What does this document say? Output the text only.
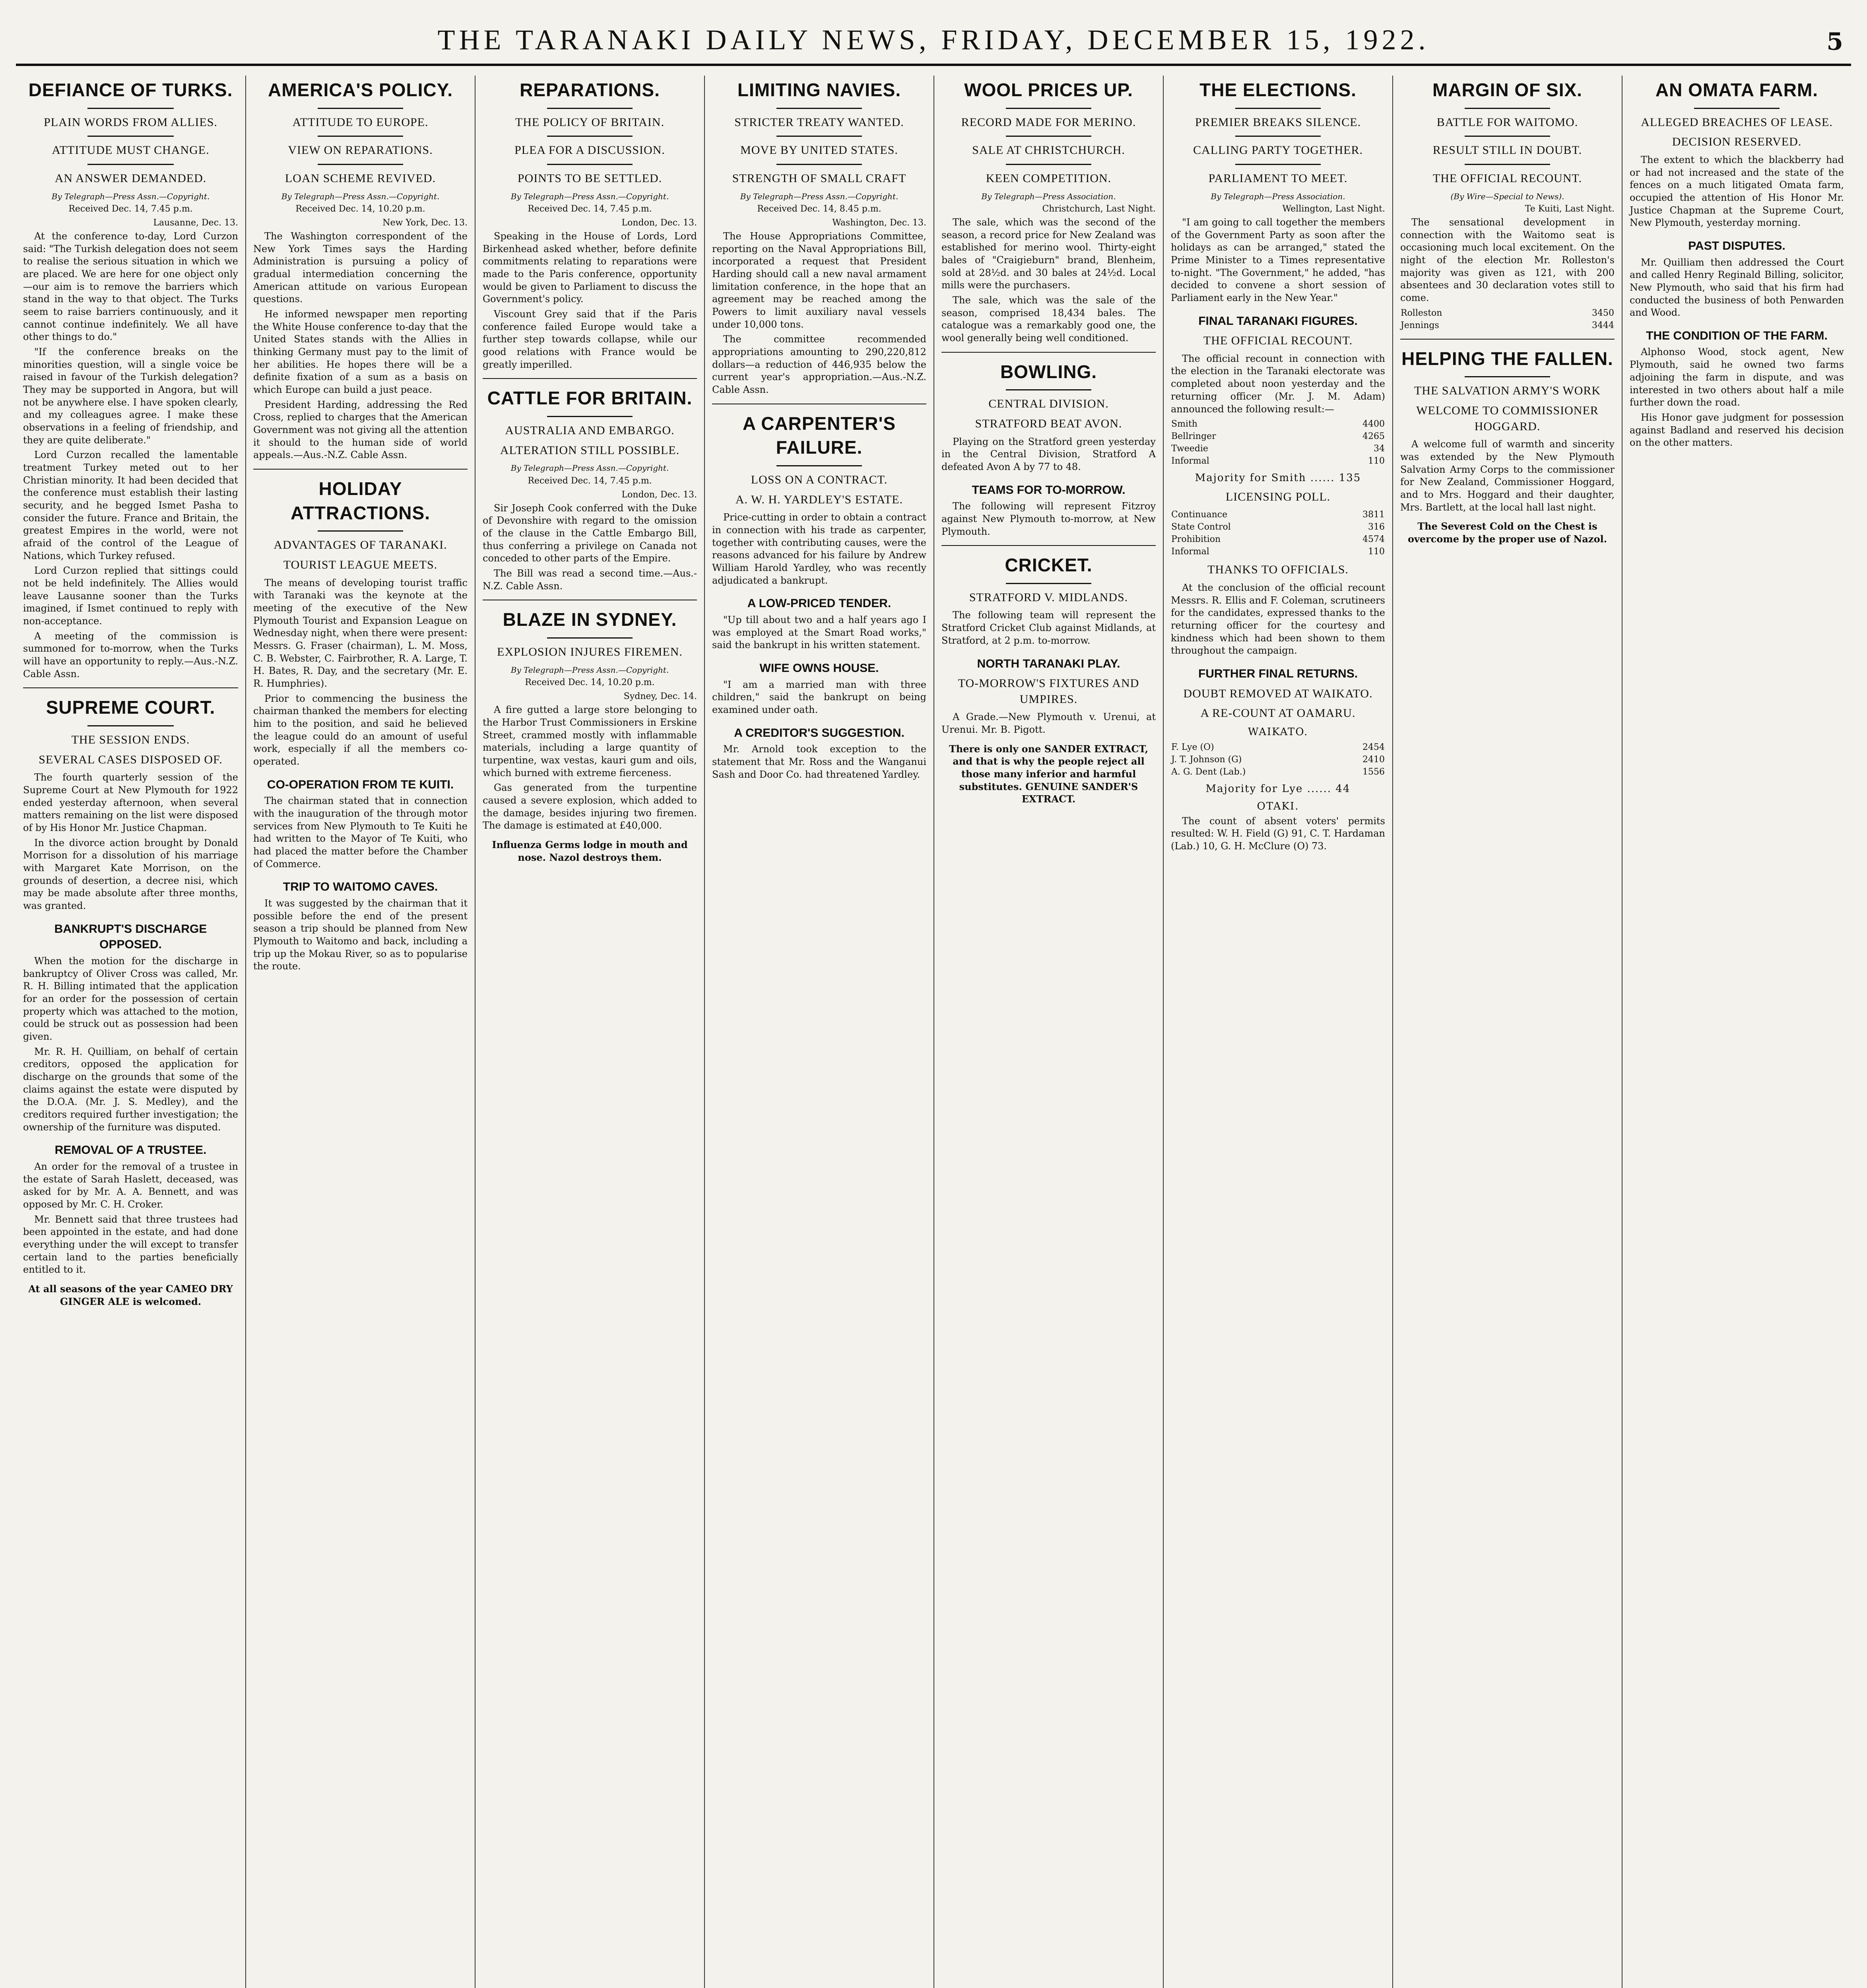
THE TARANAKI DAILY NEWS, FRIDAY, DECEMBER 15, 1922.	5
DEFIANCE OF TURKS.
PLAIN WORDS FROM ALLIES.
ATTITUDE MUST CHANGE.
AN ANSWER DEMANDED.
By Telegraph—Press Assn.—Copyright.
Received Dec. 14, 7.45 p.m.
Lausanne, Dec. 13.

At the conference to-day, Lord Curzon said: "The Turkish delegation does not seem to realise the serious situation in which we are placed. We are here for one object only—our aim is to remove the barriers which stand in the way to that object. The Turks seem to raise barriers continuously, and it cannot continue indefinitely. We all have other things to do."

"If the conference breaks on the minorities question, will a single voice be raised in favour of the Turkish delegation? They may be supported in Angora, but will not be anywhere else. I have spoken clearly, and my colleagues agree. I make these observations in a feeling of friendship, and they are quite deliberate."

Lord Curzon recalled the lamentable treatment Turkey meted out to her Christian minority. It had been decided that the conference must establish their lasting security, and he begged Ismet Pasha to consider the future. France and Britain, the greatest Empires in the world, were not afraid of the control of the League of Nations, which Turkey refused.

Lord Curzon replied that sittings could not be held indefinitely. The Allies would leave Lausanne sooner than the Turks imagined, if Ismet continued to reply with non-acceptance.

A meeting of the commission is summoned for to-morrow, when the Turks will have an opportunity to reply.—Aus.-N.Z. Cable Assn.

SUPREME COURT.
THE SESSION ENDS.
SEVERAL CASES DISPOSED OF.

The fourth quarterly session of the Supreme Court at New Plymouth for 1922 ended yesterday afternoon, when several matters remaining on the list were disposed of by His Honor Mr. Justice Chapman.

In the divorce action brought by Donald Morrison for a dissolution of his marriage with Margaret Kate Morrison, on the grounds of desertion, a decree nisi, which may be made absolute after three months, was granted.

BANKRUPT'S DISCHARGE OPPOSED.

When the motion for the discharge in bankruptcy of Oliver Cross was called, Mr. R. H. Billing intimated that the application for an order for the possession of certain property which was attached to the motion, could be struck out as possession had been given.

Mr. R. H. Quilliam, on behalf of certain creditors, opposed the application for discharge on the grounds that some of the claims against the estate were disputed by the D.O.A. (Mr. J. S. Medley), and the creditors required further investigation; the ownership of the furniture was disputed.

REMOVAL OF A TRUSTEE.

An order for the removal of a trustee in the estate of Sarah Haslett, deceased, was asked for by Mr. A. A. Bennett, and was opposed by Mr. C. H. Croker.

Mr. Bennett said that three trustees had been appointed in the estate, and had done everything under the will except to transfer certain land to the parties beneficially entitled to it.

At all seasons of the year CAMEO DRY GINGER ALE is welcomed.
AMERICA'S POLICY.
ATTITUDE TO EUROPE.
VIEW ON REPARATIONS.
LOAN SCHEME REVIVED.
By Telegraph—Press Assn.—Copyright.
Received Dec. 14, 10.20 p.m.
New York, Dec. 13.

The Washington correspondent of the New York Times says the Harding Administration is pursuing a policy of gradual intermediation concerning the American attitude on various European questions.

He informed newspaper men reporting the White House conference to-day that the United States stands with the Allies in thinking Germany must pay to the limit of her abilities. He hopes there will be a definite fixation of a sum as a basis on which Europe can build a just peace.

President Harding, addressing the Red Cross, replied to charges that the American Government was not giving all the attention it should to the human side of world appeals.—Aus.-N.Z. Cable Assn.

HOLIDAY ATTRACTIONS.
ADVANTAGES OF TARANAKI.
TOURIST LEAGUE MEETS.

The means of developing tourist traffic with Taranaki was the keynote at the meeting of the executive of the New Plymouth Tourist and Expansion League on Wednesday night, when there were present: Messrs. G. Fraser (chairman), L. M. Moss, C. B. Webster, C. Fairbrother, R. A. Large, T. H. Bates, R. Day, and the secretary (Mr. E. R. Humphries).

Prior to commencing the business the chairman thanked the members for electing him to the position, and said he believed the league could do an amount of useful work, especially if all the members co-operated.

CO-OPERATION FROM TE KUITI.

The chairman stated that in connection with the inauguration of the through motor services from New Plymouth to Te Kuiti he had written to the Mayor of Te Kuiti, who had placed the matter before the Chamber of Commerce.

TRIP TO WAITOMO CAVES.

It was suggested by the chairman that it possible before the end of the present season a trip should be planned from New Plymouth to Waitomo and back, including a trip up the Mokau River, so as to popularise the route.

REPARATIONS.
THE POLICY OF BRITAIN.
PLEA FOR A DISCUSSION.
POINTS TO BE SETTLED.
By Telegraph—Press Assn.—Copyright.
Received Dec. 14, 7.45 p.m.
London, Dec. 13.

Speaking in the House of Lords, Lord Birkenhead asked whether, before definite commitments relating to reparations were made to the Paris conference, opportunity would be given to Parliament to discuss the Government's policy.

Viscount Grey said that if the Paris conference failed Europe would take a further step towards collapse, while our good relations with France would be greatly imperilled.

CATTLE FOR BRITAIN.
AUSTRALIA AND EMBARGO.
ALTERATION STILL POSSIBLE.
By Telegraph—Press Assn.—Copyright.
Received Dec. 14, 7.45 p.m.
London, Dec. 13.

Sir Joseph Cook conferred with the Duke of Devonshire with regard to the omission of the clause in the Cattle Embargo Bill, thus conferring a privilege on Canada not conceded to other parts of the Empire.

The Bill was read a second time.—Aus.-N.Z. Cable Assn.

BLAZE IN SYDNEY.
EXPLOSION INJURES FIREMEN.
By Telegraph—Press Assn.—Copyright.
Received Dec. 14, 10.20 p.m.
Sydney, Dec. 14.

A fire gutted a large store belonging to the Harbor Trust Commissioners in Erskine Street, crammed mostly with inflammable materials, including a large quantity of turpentine, wax vestas, kauri gum and oils, which burned with extreme fierceness.

Gas generated from the turpentine caused a severe explosion, which added to the damage, besides injuring two firemen. The damage is estimated at £40,000.

Influenza Germs lodge in mouth and nose. Nazol destroys them.
LIMITING NAVIES.
STRICTER TREATY WANTED.
MOVE BY UNITED STATES.
STRENGTH OF SMALL CRAFT
By Telegraph—Press Assn.—Copyright.
Received Dec. 14, 8.45 p.m.
Washington, Dec. 13.

The House Appropriations Committee, reporting on the Naval Appropriations Bill, incorporated a request that President Harding should call a new naval armament limitation conference, in the hope that an agreement may be reached among the Powers to limit auxiliary naval vessels under 10,000 tons.

The committee recommended appropriations amounting to 290,220,812 dollars—a reduction of 446,935 below the current year's appropriation.—Aus.-N.Z. Cable Assn.

A CARPENTER'S FAILURE.
LOSS ON A CONTRACT.
A. W. H. YARDLEY'S ESTATE.

Price-cutting in order to obtain a contract in connection with his trade as carpenter, together with contributing causes, were the reasons advanced for his failure by Andrew William Harold Yardley, who was recently adjudicated a bankrupt.

A LOW-PRICED TENDER.

"Up till about two and a half years ago I was employed at the Smart Road works," said the bankrupt in his written statement.

WIFE OWNS HOUSE.

"I am a married man with three children," said the bankrupt on being examined under oath.

A CREDITOR'S SUGGESTION.

Mr. Arnold took exception to the statement that Mr. Ross and the Wanganui Sash and Door Co. had threatened Yardley.

WOOL PRICES UP.
RECORD MADE FOR MERINO.
SALE AT CHRISTCHURCH.
KEEN COMPETITION.
By Telegraph—Press Association.
Christchurch, Last Night.

The sale, which was the second of the season, a record price for New Zealand was established for merino wool. Thirty-eight bales of "Craigieburn" brand, Blenheim, sold at 28½d. and 30 bales at 24½d. Local mills were the purchasers.

The sale, which was the sale of the season, comprised 18,434 bales. The catalogue was a remarkably good one, the wool generally being well conditioned.

BOWLING.
CENTRAL DIVISION.
STRATFORD BEAT AVON.

Playing on the Stratford green yesterday in the Central Division, Stratford A defeated Avon A by 77 to 48.

TEAMS FOR TO-MORROW.

The following will represent Fitzroy against New Plymouth to-morrow, at New Plymouth.

CRICKET.
STRATFORD V. MIDLANDS.

The following team will represent the Stratford Cricket Club against Midlands, at Stratford, at 2 p.m. to-morrow.

NORTH TARANAKI PLAY.
TO-MORROW'S FIXTURES AND UMPIRES.

A Grade.—New Plymouth v. Urenui, at Urenui. Mr. B. Pigott.

There is only one SANDER EXTRACT, and that is why the people reject all those many inferior and harmful substitutes. GENUINE SANDER'S EXTRACT.
THE ELECTIONS.
PREMIER BREAKS SILENCE.
CALLING PARTY TOGETHER.
PARLIAMENT TO MEET.
By Telegraph—Press Association.
Wellington, Last Night.

"I am going to call together the members of the Government Party as soon after the holidays as can be arranged," stated the Prime Minister to a Times representative to-night. "The Government," he added, "has decided to convene a short session of Parliament early in the New Year."

FINAL TARANAKI FIGURES.
THE OFFICIAL RECOUNT.

The official recount in connection with the election in the Taranaki electorate was completed about noon yesterday and the returning officer (Mr. J. M. Adam) announced the following result:—

Smith	4400
Bellringer	4265
Tweedie	34
Informal	110
Majority for Smith ...... 135
LICENSING POLL.
Continuance	3811
State Control	316
Prohibition	4574
Informal	110
THANKS TO OFFICIALS.

At the conclusion of the official recount Messrs. R. Ellis and F. Coleman, scrutineers for the candidates, expressed thanks to the returning officer for the courtesy and kindness which had been shown to them throughout the campaign.

FURTHER FINAL RETURNS.
DOUBT REMOVED AT WAIKATO.
A RE-COUNT AT OAMARU.
WAIKATO.
F. Lye (O)	2454
J. T. Johnson (G)	2410
A. G. Dent (Lab.)	1556
Majority for Lye ...... 44
OTAKI.

The count of absent voters' permits resulted: W. H. Field (G) 91, C. T. Hardaman (Lab.) 10, G. H. McClure (O) 73.

MARGIN OF SIX.
BATTLE FOR WAITOMO.
RESULT STILL IN DOUBT.
THE OFFICIAL RECOUNT.
(By Wire—Special to News).
Te Kuiti, Last Night.

The sensational development in connection with the Waitomo seat is occasioning much local excitement. On the night of the election Mr. Rolleston's majority was given as 121, with 200 absentees and 30 declaration votes still to come.

Rolleston	3450
Jennings	3444
HELPING THE FALLEN.
THE SALVATION ARMY'S WORK
WELCOME TO COMMISSIONER HOGGARD.

A welcome full of warmth and sincerity was extended by the New Plymouth Salvation Army Corps to the commissioner for New Zealand, Commissioner Hoggard, and to Mrs. Hoggard and their daughter, Mrs. Bartlett, at the local hall last night.

The Severest Cold on the Chest is overcome by the proper use of Nazol.
AN OMATA FARM.
ALLEGED BREACHES OF LEASE.
DECISION RESERVED.

The extent to which the blackberry had or had not increased and the state of the fences on a much litigated Omata farm, occupied the attention of His Honor Mr. Justice Chapman at the Supreme Court, New Plymouth, yesterday morning.

PAST DISPUTES.

Mr. Quilliam then addressed the Court and called Henry Reginald Billing, solicitor, New Plymouth, who said that his firm had conducted the business of both Penwarden and Wood.

THE CONDITION OF THE FARM.

Alphonso Wood, stock agent, New Plymouth, said he owned two farms adjoining the farm in dispute, and was interested in two others about half a mile further down the road.

His Honor gave judgment for possession against Badland and reserved his decision on the other matters.
